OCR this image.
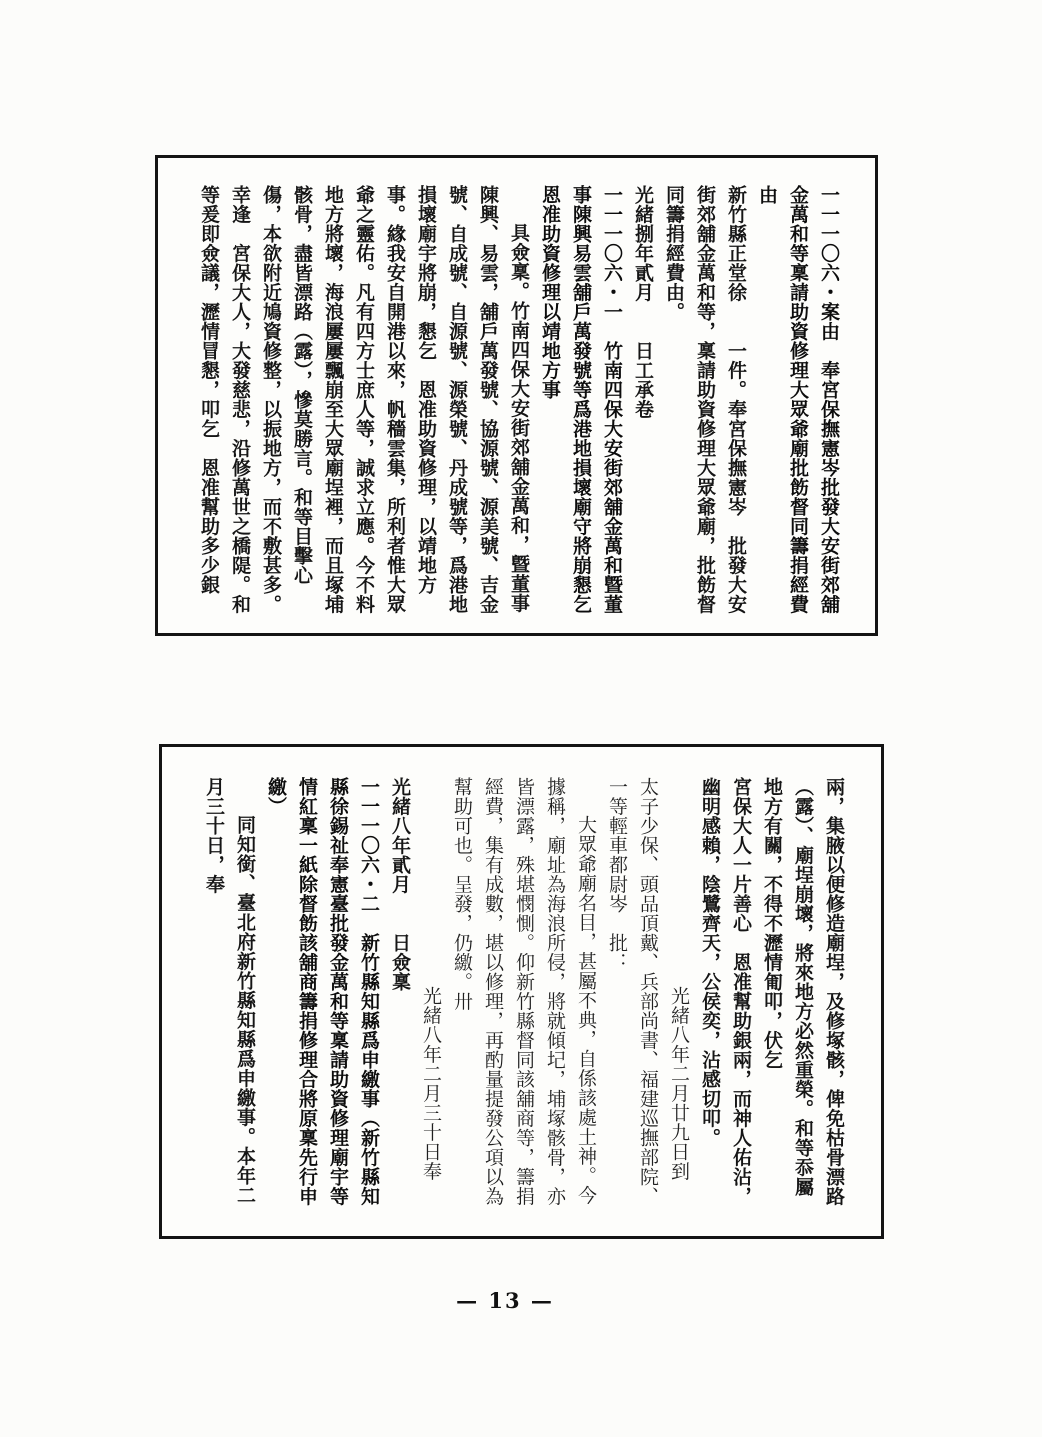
一一一〇六・案由　奉宮保撫憲岑批發大安街郊舖
金萬和等稟請助資修理大眾爺廟批飭督同籌捐經費
由
新竹縣正堂徐　　一件。奉宮保撫憲岑　批發大安
街郊舖金萬和等，稟請助資修理大眾爺廟，批飭督
同籌捐經費由。
光緒捌年貳月　　日工承卷
一一一〇六・一　竹南四保大安街郊舖金萬和曁董
事陳興易雲舖戶萬發號等爲港地損壞廟守將崩懇乞
恩准助資修理以靖地方事
具僉稟。竹南四保大安街郊舖金萬和，曁董事
陳興、易雲，舖戶萬發號、協源號、源美號、吉金
號、自成號、自源號、源榮號、丹成號等，爲港地
損壞廟宇將崩，懇乞　恩准助資修理，以靖地方
事。緣我安自開港以來，帆穡雲集，所利者惟大眾
爺之靈佑。凡有四方士庶人等，誠求立應。今不料
地方將壞，海浪屢屢飄崩至大眾廟埕裡，而且塚埔
骸骨，盡皆漂路（露），慘莫勝言。和等目擊心
傷，本欲附近鳩資修整，以振地方，而不敷甚多。
幸逢　宮保大人，大發慈悲，沿修萬世之橋隄。和
等爰即僉議，瀝情冒懇，叩乞　恩准幫助多少銀
兩，集腋以便修造廟埕，及修塚骸，俾免枯骨漂路
（露）、廟埕崩壞，將來地方必然重榮。和等忝屬
地方有關，不得不瀝情匍叩，伏乞
宮保大人一片善心　恩准幫助銀兩，而神人佑沾，
幽明感賴，陰鷺齊天，公侯奕，沾感切叩。
光緒八年二月廿九日到
太子少保、頭品頂戴、兵部尚書、福建巡撫部院、
一等輕車都尉岑　批：
大眾爺廟名目，甚屬不典，自係該處土神。今
據稱，廟址為海浪所侵，將就傾圮，埔塚骸骨，亦
皆漂露，殊堪憫惻。仰新竹縣督同該舖商等，籌捐
經費，集有成數，堪以修理，再酌量提發公項以為
幫助可也。呈發，仍繳。卅
光緒八年二月三十日奉
光緒八年貳月　　日僉稟
一一一〇六・二　新竹縣知縣爲申繳事（新竹縣知
縣徐錫祉奉憲臺批發金萬和等稟請助資修理廟宇等
情紅稟一紙除督飭該舖商籌捐修理合將原稟先行申
繳）
同知銜、臺北府新竹縣知縣爲申繳事。本年二
月三十日，奉
— 13 —
